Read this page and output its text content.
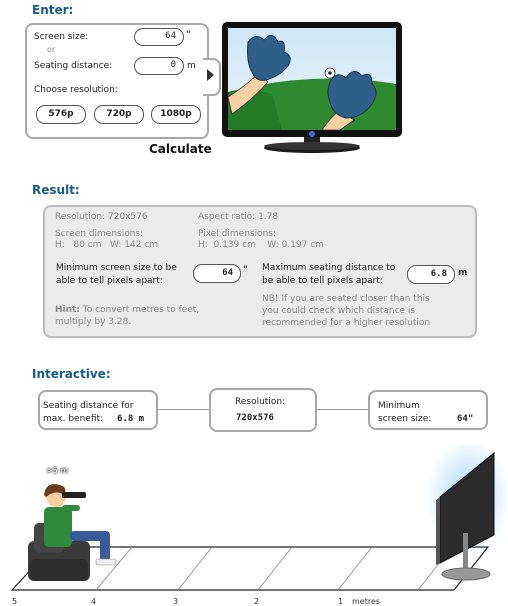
Enter:
Screen size:	64	"
or
Seating distance:	0	m
Choose resolution:
576p	720p	1080p
Calculate
Result:
Resolution: 720x576	Aspect ratio: 1.78
Screen dimensions:
H:   80 cm   W: 142 cm
Pixel dimensions:
H:  0.139 cm    W: 0.197 cm
Minimum screen size to be
able to tell pixels apart:
64	" Maximum seating distance to
be able to tell pixels apart:
6.8	m
Hint: To convert metres to feet,
multiply by 3.28.
NB! If you are seated closer than this
you could check which distance is
recommended for a higher resolution
Interactive:
Seating distance for
max. benefit: 6.8 m
Resolution:
720x576
Minimum
screen size:	64"
>5 m
5	4	3	2	1 metres
